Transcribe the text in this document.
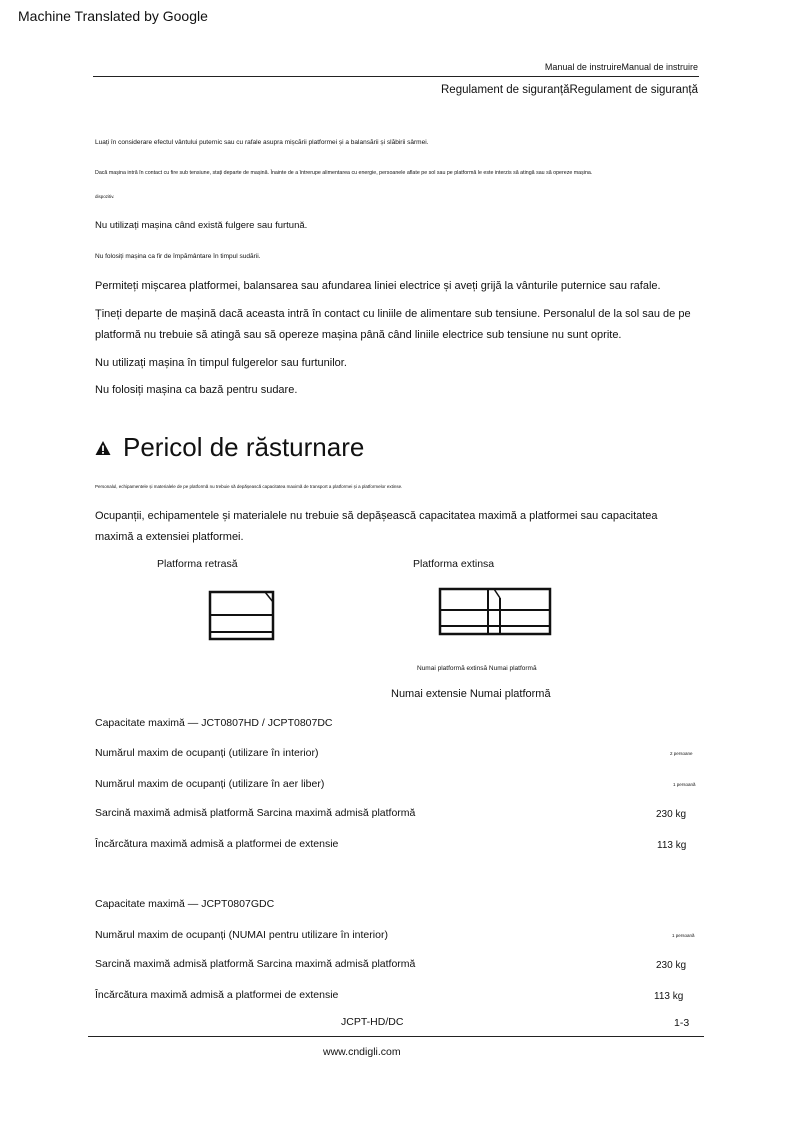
Machine Translated by Google
Manual de instruireManual de instruire
Regulament de siguranțăRegulament de siguranță
Luați în considerare efectul vântului puternic sau cu rafale asupra mișcării platformei și a balansării și slăbirii sârmei.
Dacă mașina intră în contact cu fire sub tensiune, stați departe de mașină. Înainte de a întrerupe alimentarea cu energie, persoanele aflate pe sol sau pe platformă le este interzis să atingă sau să opereze mașina.
dispozitiv.
Nu utilizați mașina când există fulgere sau furtună.
Nu folosiți mașina ca fir de împământare în timpul sudării.
Permiteți mișcarea platformei, balansarea sau afundarea liniei electrice și aveți grijă la vânturile puternice sau rafale.
Țineți departe de mașină dacă aceasta intră în contact cu liniile de alimentare sub tensiune. Personalul de la sol sau de pe
platformă nu trebuie să atingă sau să opereze mașina până când liniile electrice sub tensiune nu sunt oprite.
Nu utilizați mașina în timpul fulgerelor sau furtunilor.
Nu folosiți mașina ca bază pentru sudare.
Pericol de răsturnare
Personalul, echipamentele și materialele de pe platformă nu trebuie să depășească capacitatea maximă de transport a platformei și a platformelor extinse.
Ocupanții, echipamentele și materialele nu trebuie să depășească capacitatea maximă a platformei sau capacitatea
maximă a extensiei platformei.
Platforma retrasă	Platforma extinsa
Numai platformă extinsă Numai platformă
Numai extensie Numai platformă
Capacitate maximă — JCT0807HD / JCPT0807DC
Numărul maxim de ocupanți (utilizare în interior)	2 persoane
Numărul maxim de ocupanți (utilizare în aer liber)	1 persoană
Sarcină maximă admisă platformă Sarcina maximă admisă platformă	230 kg
Încărcătura maximă admisă a platformei de extensie	113 kg
Capacitate maximă — JCPT0807GDC
Numărul maxim de ocupanți (NUMAI pentru utilizare în interior)	1 persoană
Sarcină maximă admisă platformă Sarcina maximă admisă platformă	230 kg
Încărcătura maximă admisă a platformei de extensie	113 kg
JCPT-HD/DC	1-3
www.cndigli.com
